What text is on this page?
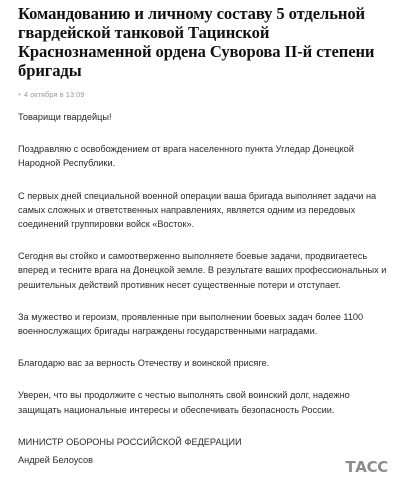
Командованию и личному составу 5 отдельной гвардейской танковой Тацинской Краснознаменной ордена Суворова II-й степени бригады
• 4 октября в 13:09

Товарищи гвардейцы!

Поздравляю с освобождением от врага населенного пункта Угледар Донецкой Народной Республики.

С первых дней специальной военной операции ваша бригада выполняет задачи на самых сложных и ответственных направлениях, является одним из передовых соединений группировки войск «Восток».

Сегодня вы стойко и самоотверженно выполняете боевые задачи, продвигаетесь вперед и тесните врага на Донецкой земле. В результате ваших профессиональных и решительных действий противник несет существенные потери и отступает.

За мужество и героизм, проявленные при выполнении боевых задач более 1100 военнослужащих бригады награждены государственными наградами.

Благодарю вас за верность Отечеству и воинской присяге.

Уверен, что вы продолжите с честью выполнять свой воинский долг, надежно защищать национальные интересы и обеспечивать безопасность России.

МИНИСТР ОБОРОНЫ РОССИЙСКОЙ ФЕДЕРАЦИИ

Андрей Белоусов	ТАСС
